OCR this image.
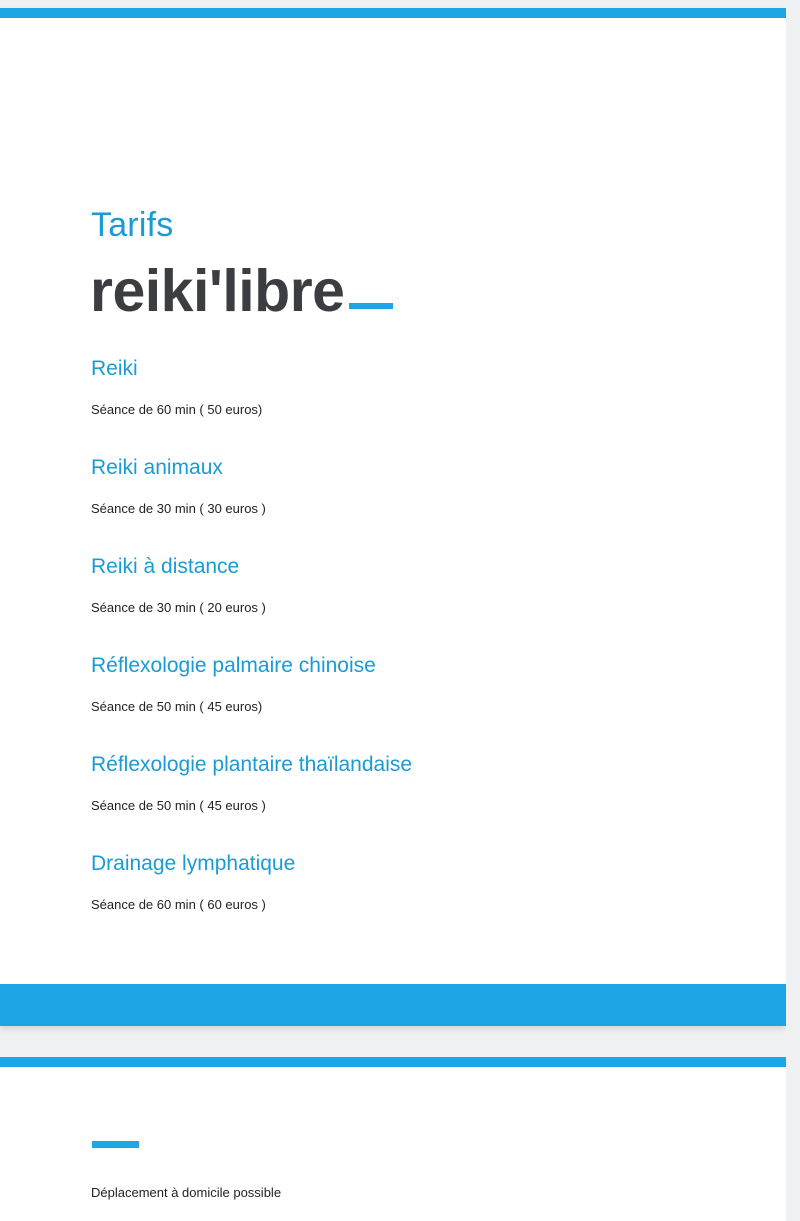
Tarifs
reiki'libre
Reiki
Séance de 60 min ( 50 euros)
Reiki animaux
Séance de 30 min ( 30 euros )
Reiki à distance
Séance de 30 min ( 20 euros )
Réflexologie palmaire chinoise
Séance de 50 min ( 45 euros)
Réflexologie plantaire thaïlandaise
Séance de 50 min ( 45 euros )
Drainage lymphatique
Séance de 60 min ( 60 euros )
Déplacement à domicile possible
